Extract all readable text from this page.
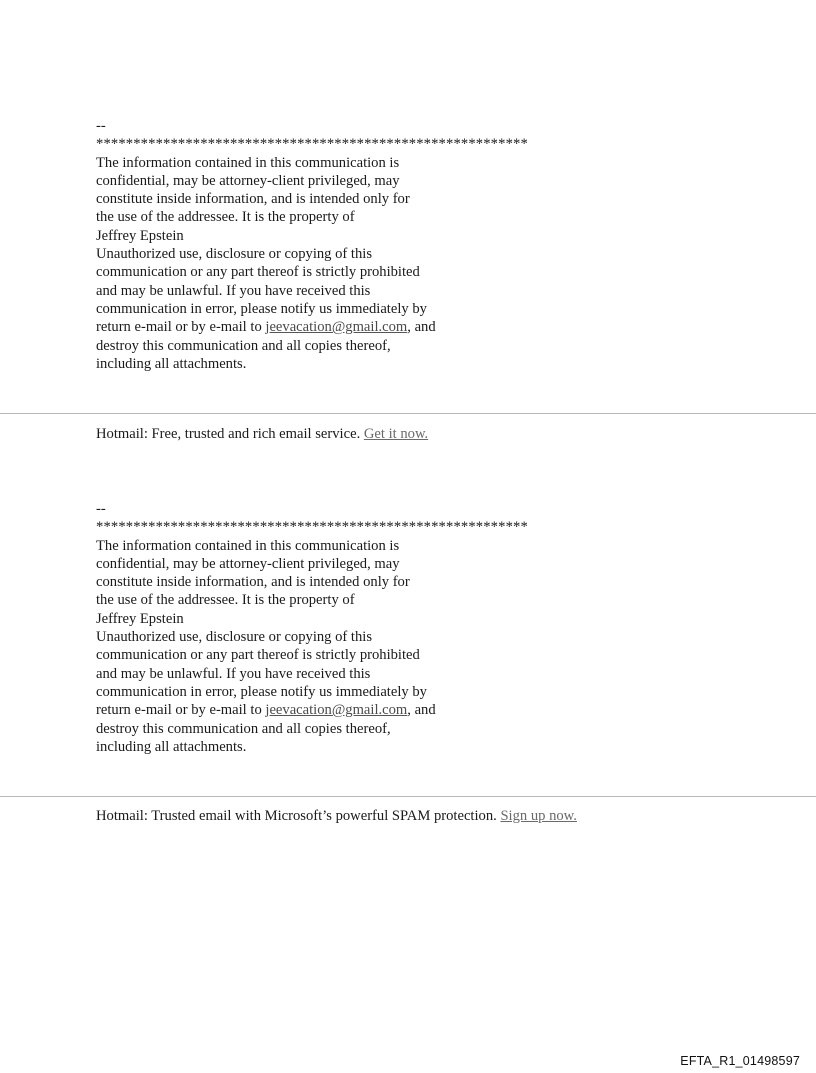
--
**********************************************************
The information contained in this communication is
confidential, may be attorney-client privileged, may
constitute inside information, and is intended only for
the use of the addressee. It is the property of
Jeffrey Epstein
Unauthorized use, disclosure or copying of this
communication or any part thereof is strictly prohibited
and may be unlawful. If you have received this
communication in error, please notify us immediately by
return e-mail or by e-mail to jeevacation@gmail.com, and
destroy this communication and all copies thereof,
including all attachments.
Hotmail: Free, trusted and rich email service. Get it now.
--
**********************************************************
The information contained in this communication is
confidential, may be attorney-client privileged, may
constitute inside information, and is intended only for
the use of the addressee. It is the property of
Jeffrey Epstein
Unauthorized use, disclosure or copying of this
communication or any part thereof is strictly prohibited
and may be unlawful. If you have received this
communication in error, please notify us immediately by
return e-mail or by e-mail to jeevacation@gmail.com, and
destroy this communication and all copies thereof,
including all attachments.
Hotmail: Trusted email with Microsoft’s powerful SPAM protection. Sign up now.
EFTA_R1_01498597
